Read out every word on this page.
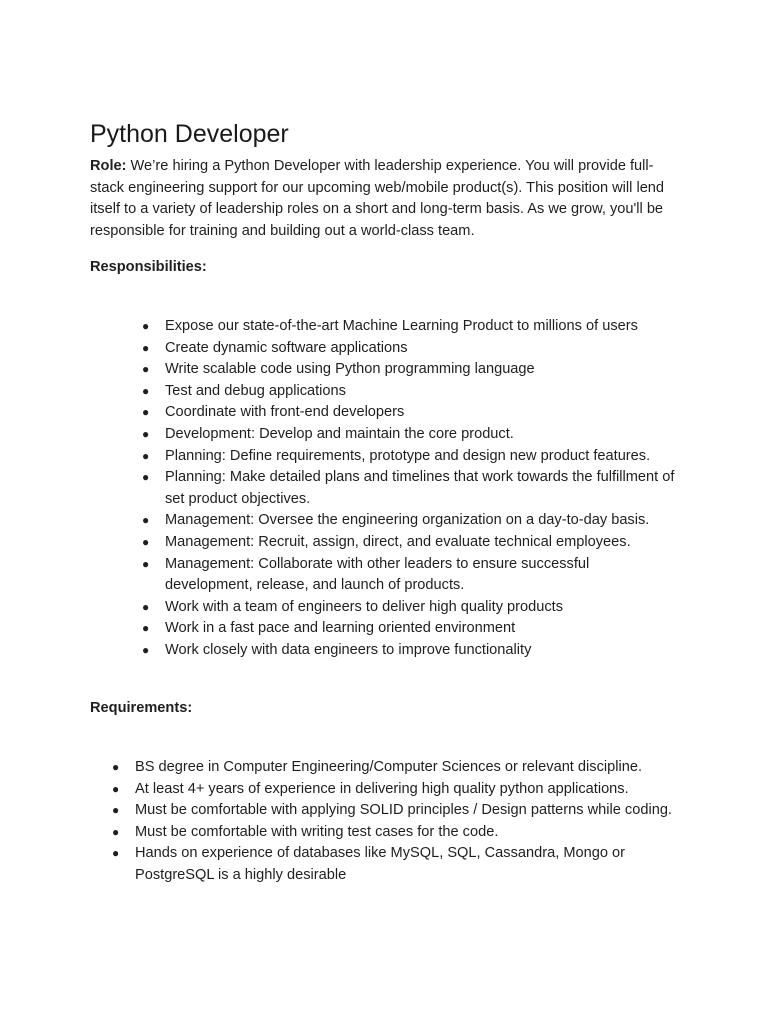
Python Developer

Role: We’re hiring a Python Developer with leadership experience. You will provide full-stack engineering support for our upcoming web/mobile product(s). This position will lend itself to a variety of leadership roles on a short and long-term basis. As we grow, you'll be responsible for training and building out a world-class team.

Responsibilities:

● Expose our state-of-the-art Machine Learning Product to millions of users
● Create dynamic software applications
● Write scalable code using Python programming language
● Test and debug applications
● Coordinate with front-end developers
● Development: Develop and maintain the core product.
● Planning: Define requirements, prototype and design new product features.
● Planning: Make detailed plans and timelines that work towards the fulfillment of set product objectives.
● Management: Oversee the engineering organization on a day-to-day basis.
● Management: Recruit, assign, direct, and evaluate technical employees.
● Management: Collaborate with other leaders to ensure successful development, release, and launch of products.
● Work with a team of engineers to deliver high quality products
● Work in a fast pace and learning oriented environment
● Work closely with data engineers to improve functionality

Requirements:

● BS degree in Computer Engineering/Computer Sciences or relevant discipline.
● At least 4+ years of experience in delivering high quality python applications.
● Must be comfortable with applying SOLID principles / Design patterns while coding.
● Must be comfortable with writing test cases for the code.
● Hands on experience of databases like MySQL, SQL, Cassandra, Mongo or PostgreSQL is a highly desirable
